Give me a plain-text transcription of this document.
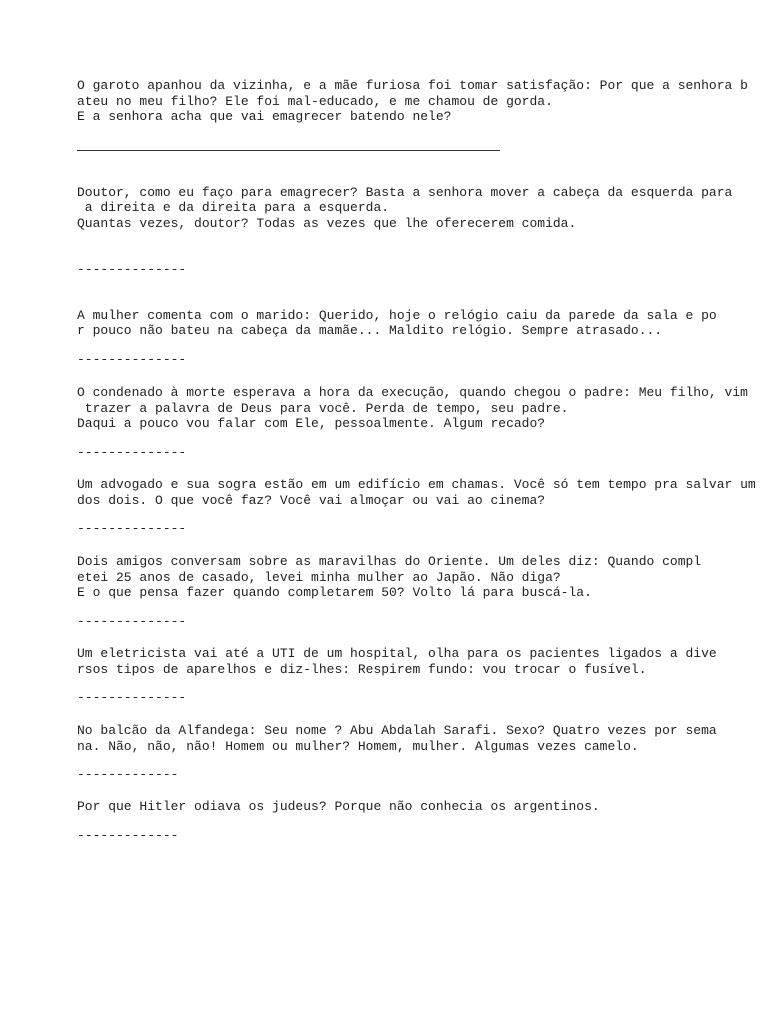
O garoto apanhou da vizinha, e a mãe furiosa foi tomar satisfação: Por que a senhora b
ateu no meu filho? Ele foi mal-educado, e me chamou de gorda.
E a senhora acha que vai emagrecer batendo nele?
Doutor, como eu faço para emagrecer? Basta a senhora mover a cabeça da esquerda para
a direita e da direita para a esquerda.
Quantas vezes, doutor? Todas as vezes que lhe oferecerem comida.
--------------
A mulher comenta com o marido: Querido, hoje o relógio caiu da parede da sala e po
r pouco não bateu na cabeça da mamãe... Maldito relógio. Sempre atrasado...
--------------
O condenado à morte esperava a hora da execução, quando chegou o padre: Meu filho, vim
trazer a palavra de Deus para você. Perda de tempo, seu padre.
Daqui a pouco vou falar com Ele, pessoalmente. Algum recado?
--------------
Um advogado e sua sogra estão em um edifício em chamas. Você só tem tempo pra salvar um
dos dois. O que você faz? Você vai almoçar ou vai ao cinema?
--------------
Dois amigos conversam sobre as maravilhas do Oriente. Um deles diz: Quando compl
etei 25 anos de casado, levei minha mulher ao Japão. Não diga?
E o que pensa fazer quando completarem 50? Volto lá para buscá-la.
--------------
Um eletricista vai até a UTI de um hospital, olha para os pacientes ligados a dive
rsos tipos de aparelhos e diz-lhes: Respirem fundo: vou trocar o fusível.
--------------
No balcão da Alfandega: Seu nome ? Abu Abdalah Sarafi. Sexo? Quatro vezes por sema
na. Não, não, não! Homem ou mulher? Homem, mulher. Algumas vezes camelo.
-------------
Por que Hitler odiava os judeus? Porque não conhecia os argentinos.
-------------
